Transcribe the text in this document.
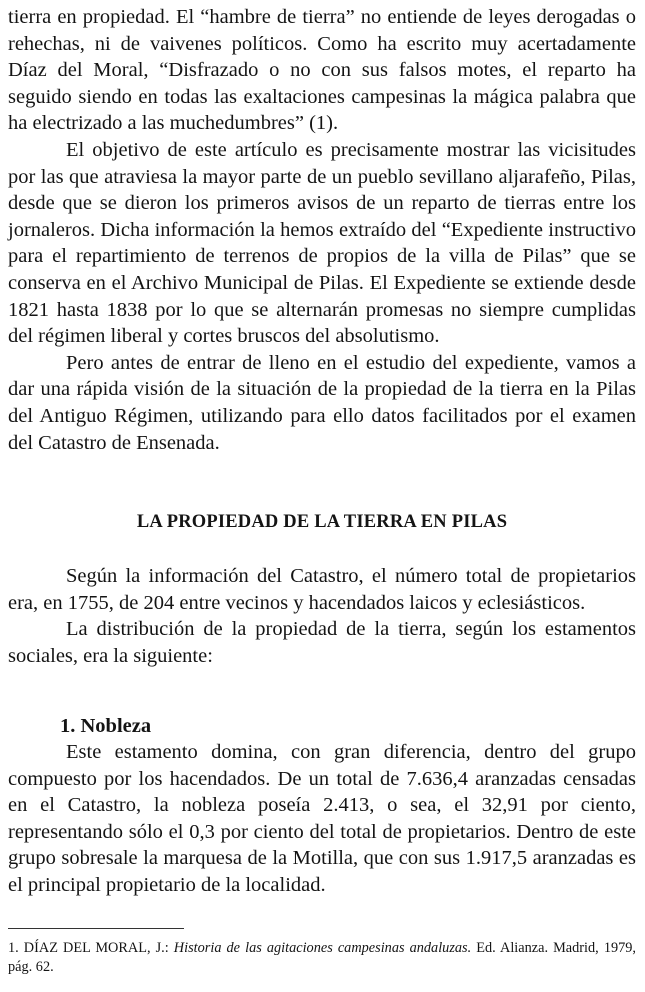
tierra en propiedad. El “hambre de tierra” no entiende de leyes derogadas o rehechas, ni de vaivenes políticos. Como ha escrito muy acertadamente Díaz del Moral, “Disfrazado o no con sus falsos motes, el reparto ha seguido siendo en todas las exaltaciones campesinas la mágica palabra que ha electrizado a las muchedumbres” (1).

El objetivo de este artículo es precisamente mostrar las vicisitudes por las que atraviesa la mayor parte de un pueblo sevillano aljarafeño, Pilas, desde que se dieron los primeros avisos de un reparto de tierras entre los jornaleros. Dicha información la hemos extraído del “Expediente instructivo para el repartimiento de terrenos de propios de la villa de Pilas” que se conserva en el Archivo Municipal de Pilas. El Expediente se extiende desde 1821 hasta 1838 por lo que se alternarán promesas no siempre cumplidas del régimen liberal y cortes bruscos del absolutismo.

Pero antes de entrar de lleno en el estudio del expediente, vamos a dar una rápida visión de la situación de la propiedad de la tierra en la Pilas del Antiguo Régimen, utilizando para ello datos facilitados por el examen del Catastro de Ensenada.

LA PROPIEDAD DE LA TIERRA EN PILAS

Según la información del Catastro, el número total de propietarios era, en 1755, de 204 entre vecinos y hacendados laicos y eclesiásticos.

La distribución de la propiedad de la tierra, según los estamentos sociales, era la siguiente:

1. Nobleza

Este estamento domina, con gran diferencia, dentro del grupo compuesto por los hacendados. De un total de 7.636,4 aranzadas censadas en el Catastro, la nobleza poseía 2.413, o sea, el 32,91 por ciento, representando sólo el 0,3 por ciento del total de propietarios. Dentro de este grupo sobresale la marquesa de la Motilla, que con sus 1.917,5 aranzadas es el principal propietario de la localidad.

1. DÍAZ DEL MORAL, J.: Historia de las agitaciones campesinas andaluzas. Ed. Alianza. Madrid, 1979, pág. 62.
